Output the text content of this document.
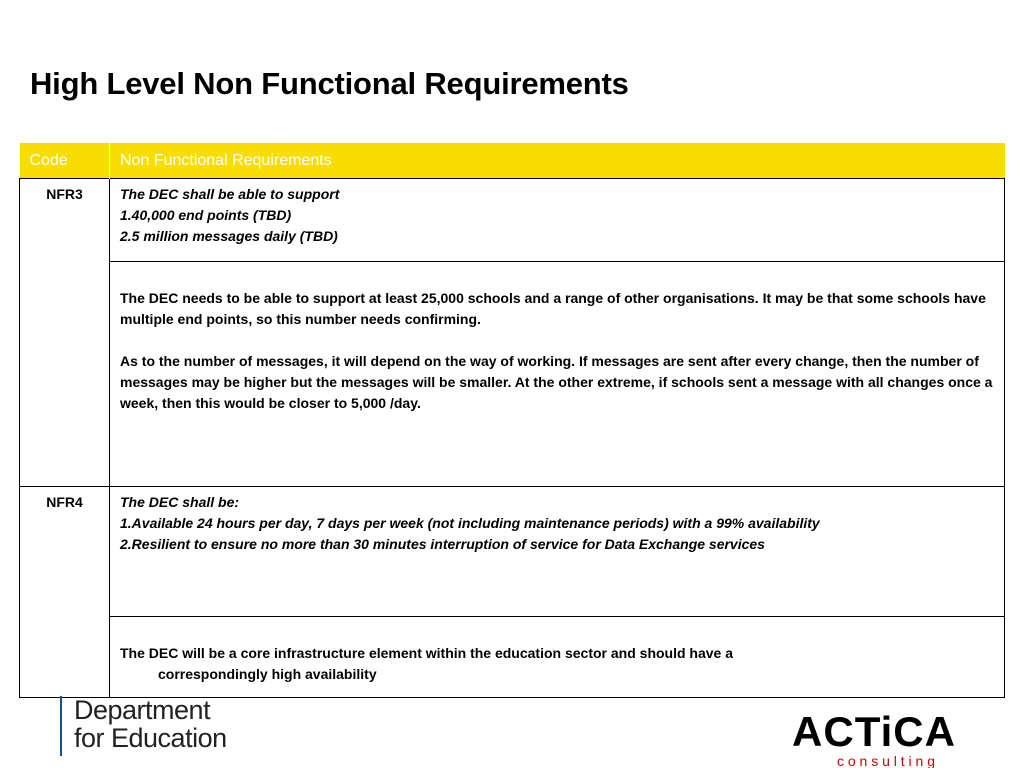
High Level Non Functional Requirements
Code	Non Functional Requirements
NFR3	The DEC shall be able to support
1.40,000 end points (TBD)
2.5 million messages daily (TBD)

	The DEC needs to be able to support at least 25,000 schools and a range of other organisations. It may be that some schools have multiple end points, so this number needs confirming.
As to the number of messages, it will depend on the way of working. If messages are sent after every change, then the number of messages may be higher but the messages will be smaller. At the other extreme, if schools sent a message with all changes once a week, then this would be closer to 5,000 /day.

NFR4	The DEC shall be:
1.Available 24 hours per day, 7 days per week (not including maintenance periods) with a 99% availability
2.Resilient to ensure no more than 30 minutes interruption of service for Data Exchange services

	The DEC will be a core infrastructure element within the education sector and should have a
correspondingly high availability
Department
for Education	ACTiCA
c o n s u l t i n g
